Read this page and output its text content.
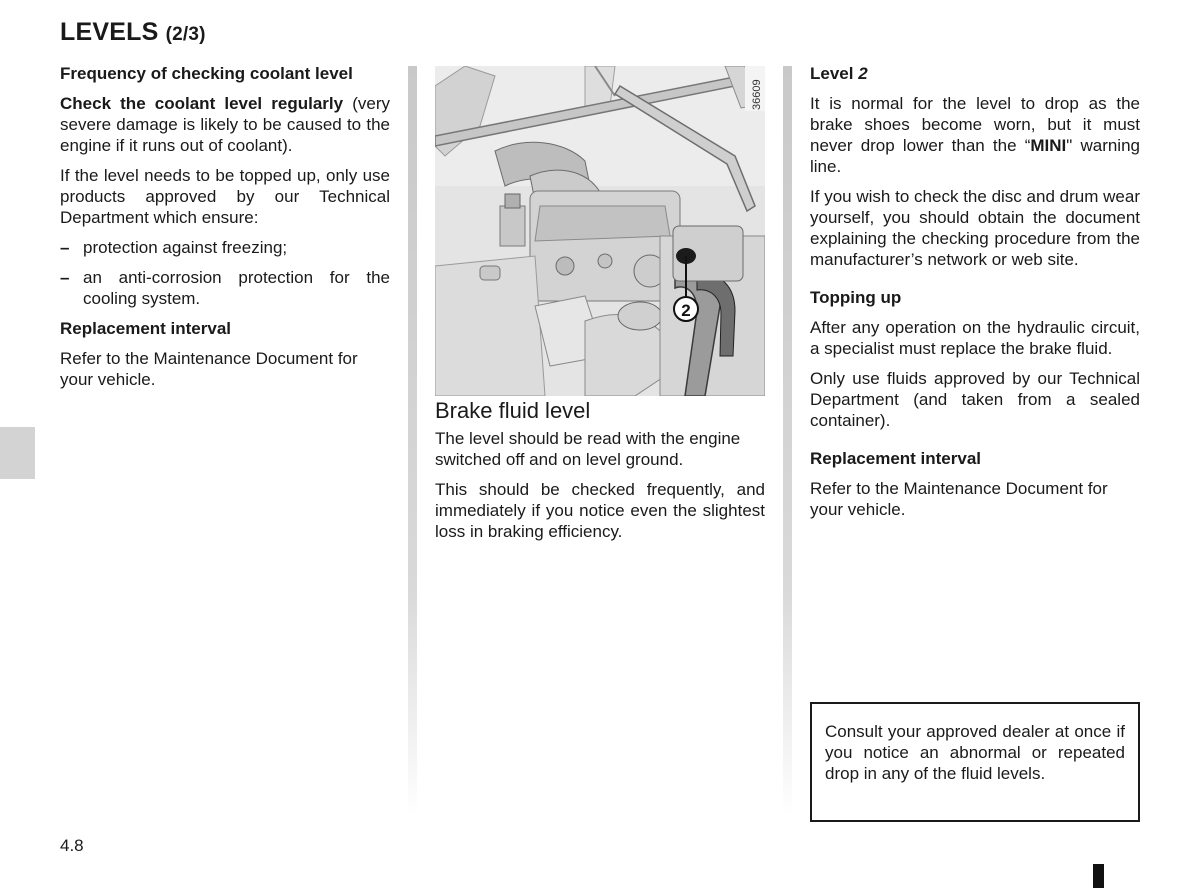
LEVELS (2/3)
Frequency of checking coolant level

Check the coolant level regularly (very severe damage is likely to be caused to the engine if it runs out of coolant).

If the level needs to be topped up, only use products approved by our Technical Department which ensure:

– protection against freezing;
– an anti-corrosion protection for the cooling system.
Replacement interval

Refer to the Maintenance Document for your vehicle.

2
36609
Brake fluid level

The level should be read with the engine switched off and on level ground.

This should be checked frequently, and immediately if you notice even the slightest loss in braking efficiency.

Level 2

It is normal for the level to drop as the brake shoes become worn, but it must never drop lower than the “MINI" warning line.

If you wish to check the disc and drum wear yourself, you should obtain the document explaining the checking procedure from the manufacturer’s network or web site.

Topping up

After any operation on the hydraulic circuit, a specialist must replace the brake fluid.

Only use fluids approved by our Technical Department (and taken from a sealed container).

Replacement interval

Refer to the Maintenance Document for your vehicle.

Consult your approved dealer at once if you notice an abnormal or repeated drop in any of the fluid levels.
4.8
